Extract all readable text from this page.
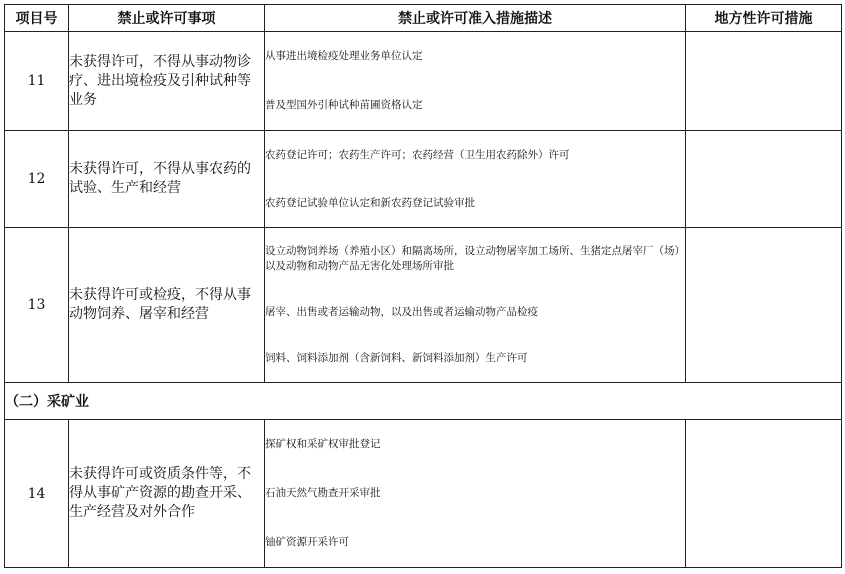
项目号	禁止或许可事项	禁止或许可准入措施描述	地方性许可措施
11	未获得许可，不得从事动物诊疗、进出境检疫及引种试种等业务	从事进出境检疫处理业务单位认定
普及型国外引种试种苗圃资格认定	

12	未获得许可，不得从事农药的试验、生产和经营	农药登记许可；农药生产许可；农药经营（卫生用农药除外）许可
农药登记试验单位认定和新农药登记试验审批	

13	未获得许可或检疫，不得从事动物饲养、屠宰和经营	设立动物饲养场（养殖小区）和隔离场所，设立动物屠宰加工场所、生猪定点屠宰厂（场）以及动物和动物产品无害化处理场所审批
屠宰、出售或者运输动物，以及出售或者运输动物产品检疫
饲料、饲料添加剂（含新饲料、新饲料添加剂）生产许可	

（二）采矿业			
14	未获得许可或资质条件等，不得从事矿产资源的勘查开采、生产经营及对外合作	探矿权和采矿权审批登记
石油天然气勘查开采审批
铀矿资源开采许可	
